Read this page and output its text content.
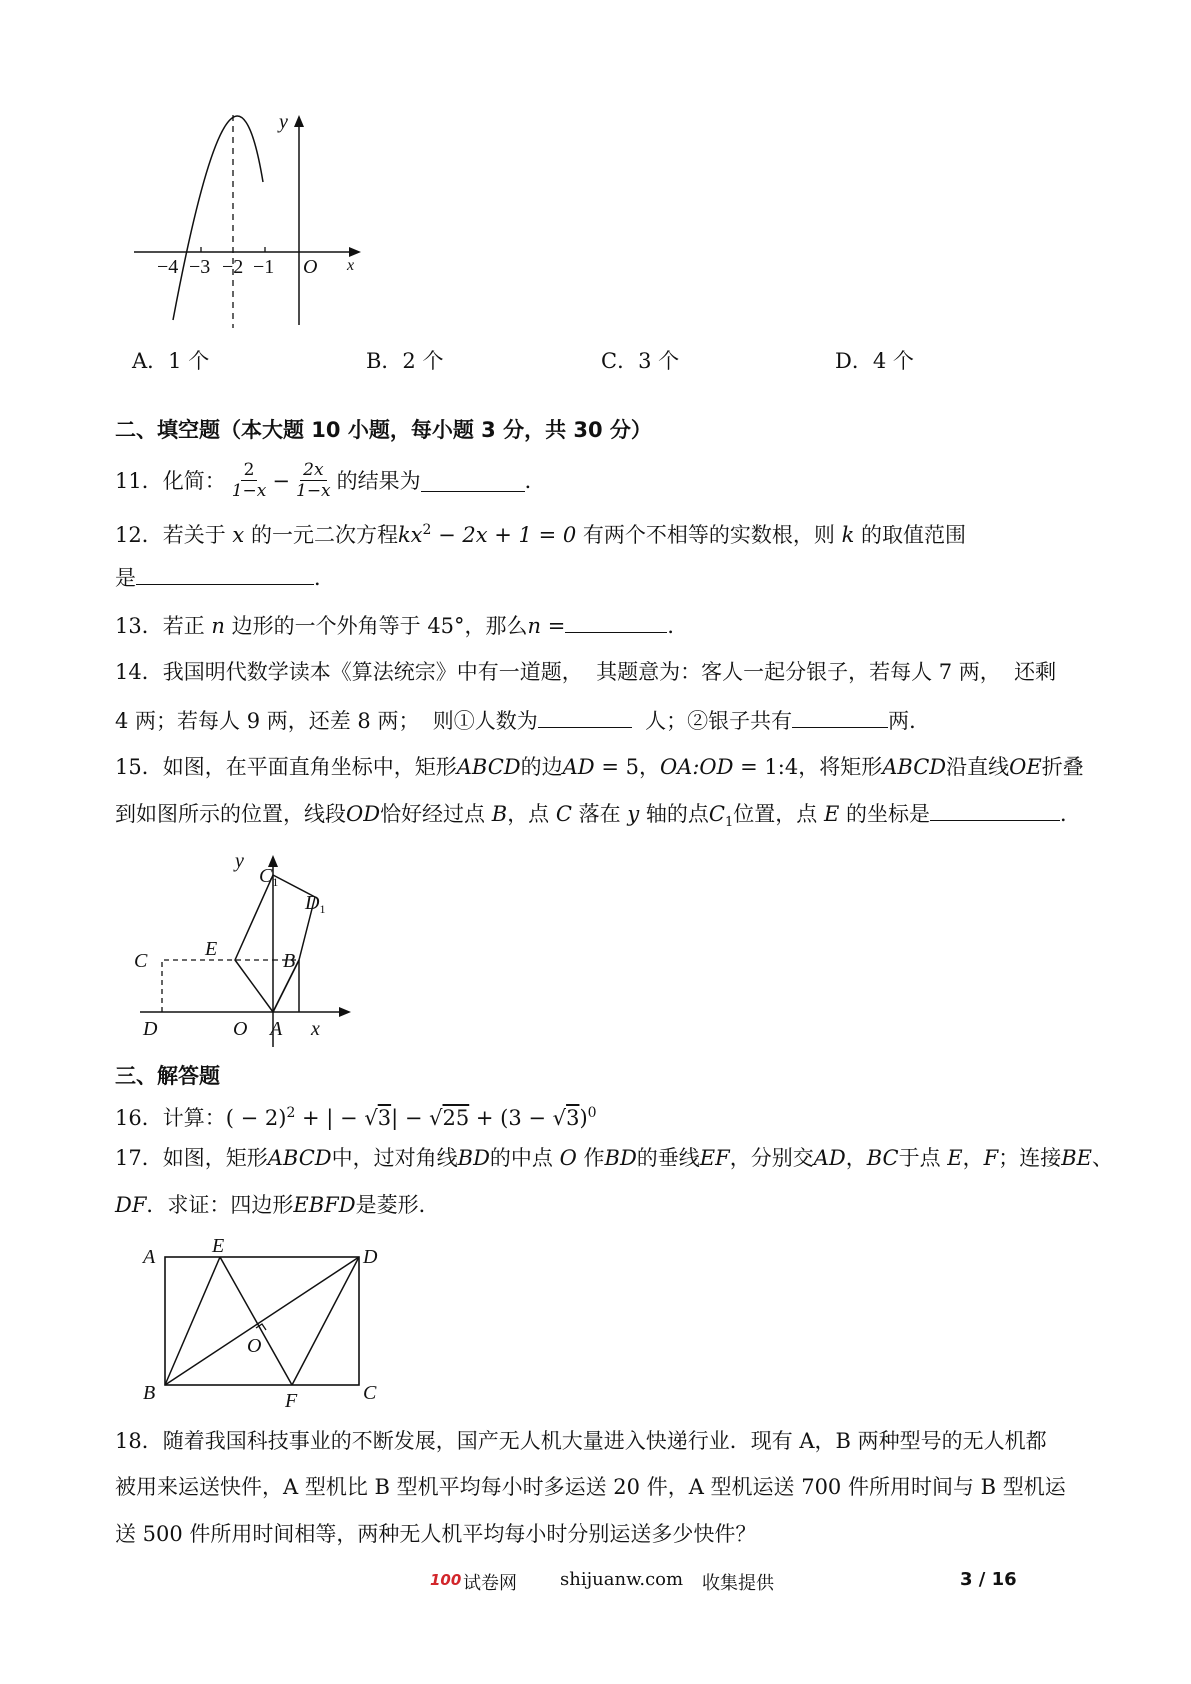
y
x
O
−4 −3 −2 −1
A．1 个	B．2 个	C．3 个	D．4 个
二、填空题（本大题 10 小题，每小题 3 分，共 30 分）
11．化简： $\frac{2}{1-x} - \frac{2x}{1-x}$ 的结果为	．
12．若关于 x 的一元二次方程$kx^2 - 2x + 1 = 0$ 有两个不相等的实数根，则 k 的取值范围
是	．
13．若正 n 边形的一个外角等于 45°，那么n =	．
14．我国明代数学读本《算法统宗》中有一道题，  其题意为：客人一起分银子，若每人 7 两，  还剩
4 两；若每人 9 两，还差 8 两；  则①人数为	人；②银子共有	两．
15．如图，在平面直角坐标中，矩形ABCD的边AD = 5，OA:OD = 1:4，将矩形ABCD沿直线OE折叠
到如图所示的位置，线段OD恰好经过点 B，点 C 落在 y 轴的点$C_1$位置，点 E 的坐标是	．
y
$C_1$
$D_1$
C
E
B
D	O A x
三、解答题
16．计算：( − 2)$^2$ + | − $√3| - √25 + (3 - √3)^0$
17．如图，矩形ABCD中，过对角线BD的中点 O 作BD的垂线EF，分别交AD，BC于点 E，F；连接BE、
DF．求证：四边形EBFD是菱形．
A	E	D
O
B	F	C
18．随着我国科技事业的不断发展，国产无人机大量进入快递行业．现有 A，B 两种型号的无人机都
被用来运送快件，A 型机比 B 型机平均每小时多运送 20 件，A 型机运送 700 件所用时间与 B 型机运
送 500 件所用时间相等，两种无人机平均每小时分别运送多少快件？
100 试卷网 shijuanw.com 收集提供	3 / 16
